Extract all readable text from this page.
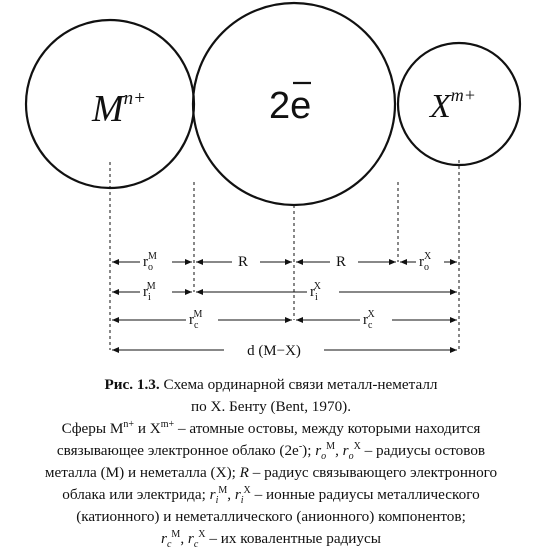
$M^{n+}$	2e	$X^{m+}$
$r_oM$	R	R	$r_oX$
$r_iM$	$r_iX$
$r_cM$	$r_cX$
d (M−X)
Рис. 1.3. Схема ординарной связи металл-неметалл
по Х. Бенту (Bent, 1970).
Сферы $М^{n+}$ и $X^{m+}$ – атомные остовы, между которыми находится
связывающее электронное облако (2e-); $r_o^M$, $r_o^X$ – радиусы остовов
металла (M) и неметалла (X); R – радиус связывающего электронного
облака или электрида; $r_i^M$, $r_i^X$ – ионные радиусы металлического
(катионного) и неметаллического (анионного) компонентов;
$r_c^M$, $r_c^X$ – их ковалентные радиусы
